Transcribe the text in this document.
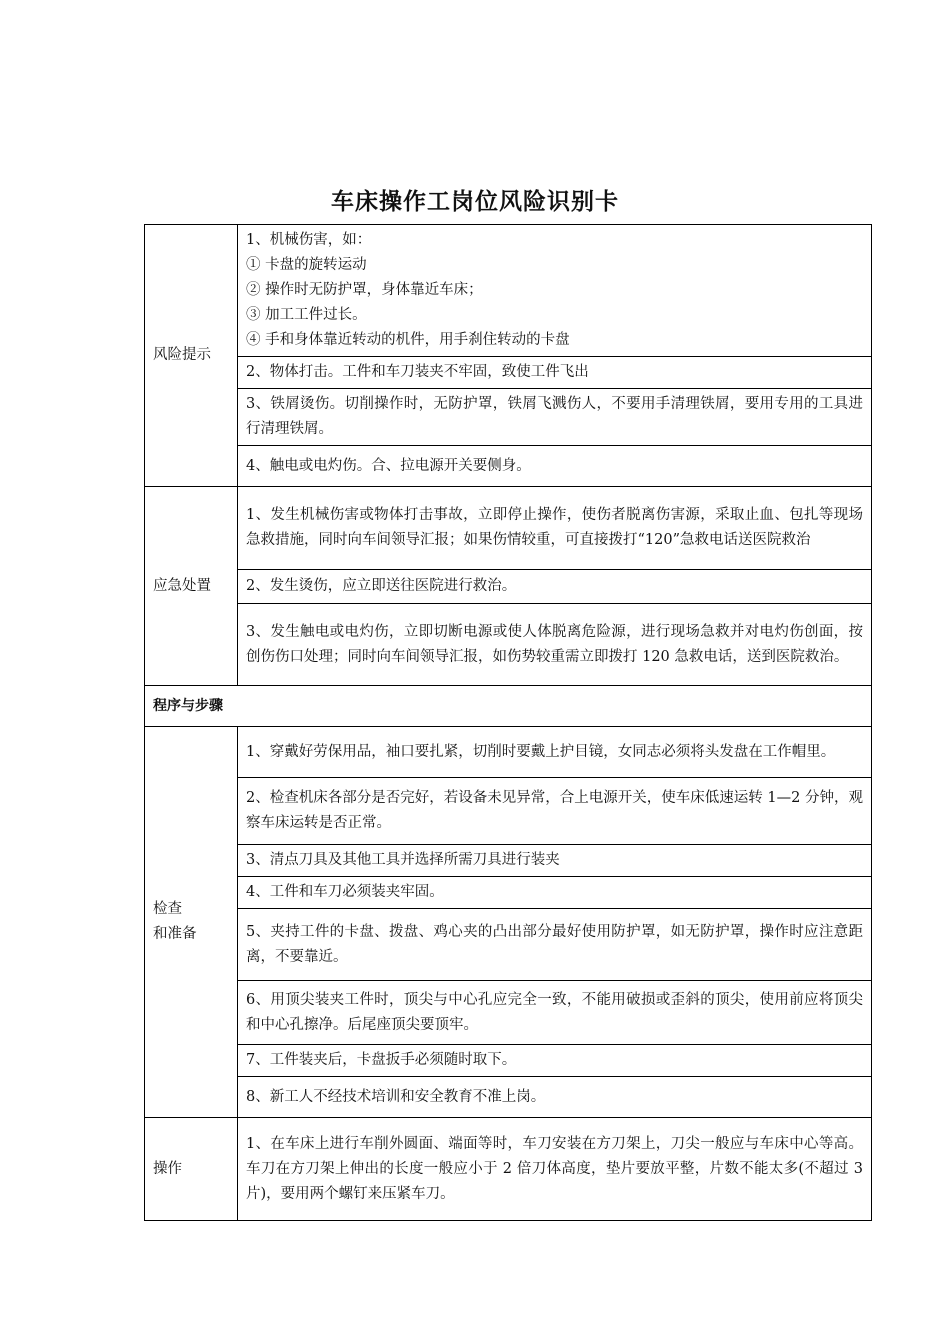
车床操作工岗位风险识别卡
风险提示	1、机械伤害，如：
① 卡盘的旋转运动
② 操作时无防护罩，身体靠近车床；
③ 加工工件过长。
④ 手和身体靠近转动的机件，用手刹住转动的卡盘

	2、物体打击。工件和车刀装夹不牢固，致使工件飞出
	3、铁屑烫伤。切削操作时，无防护罩，铁屑飞溅伤人，不要用手清理铁屑，要用专用的工具进行清理铁屑。
	4、触电或电灼伤。合、拉电源开关要侧身。
应急处置	1、发生机械伤害或物体打击事故，立即停止操作，使伤者脱离伤害源，采取止血、包扎等现场急救措施，同时向车间领导汇报；如果伤情较重，可直接拨打“120”急救电话送医院救治
	2、发生烫伤，应立即送往医院进行救治。
	3、发生触电或电灼伤，立即切断电源或使人体脱离危险源，进行现场急救并对电灼伤创面，按创伤伤口处理；同时向车间领导汇报，如伤势较重需立即拨打 120 急救电话，送到医院救治。
程序与步骤	

检查
和准备	1、穿戴好劳保用品，袖口要扎紧，切削时要戴上护目镜，女同志必须将头发盘在工作帽里。
	2、检查机床各部分是否完好，若设备未见异常，合上电源开关，使车床低速运转 1—2 分钟，观察车床运转是否正常。
	3、清点刀具及其他工具并选择所需刀具进行装夹
	4、工件和车刀必须装夹牢固。
	5、夹持工件的卡盘、拨盘、鸡心夹的凸出部分最好使用防护罩，如无防护罩，操作时应注意距离，不要靠近。
	6、用顶尖装夹工件时，顶尖与中心孔应完全一致，不能用破损或歪斜的顶尖，使用前应将顶尖和中心孔擦净。后尾座顶尖要顶牢。
	7、工件装夹后，卡盘扳手必须随时取下。
	8、新工人不经技术培训和安全教育不准上岗。
操作	1、在车床上进行车削外圆面、端面等时，车刀安装在方刀架上，刀尖一般应与车床中心等高。车刀在方刀架上伸出的长度一般应小于 2 倍刀体高度，垫片要放平整，片数不能太多(不超过 3 片)，要用两个螺钉来压紧车刀。
